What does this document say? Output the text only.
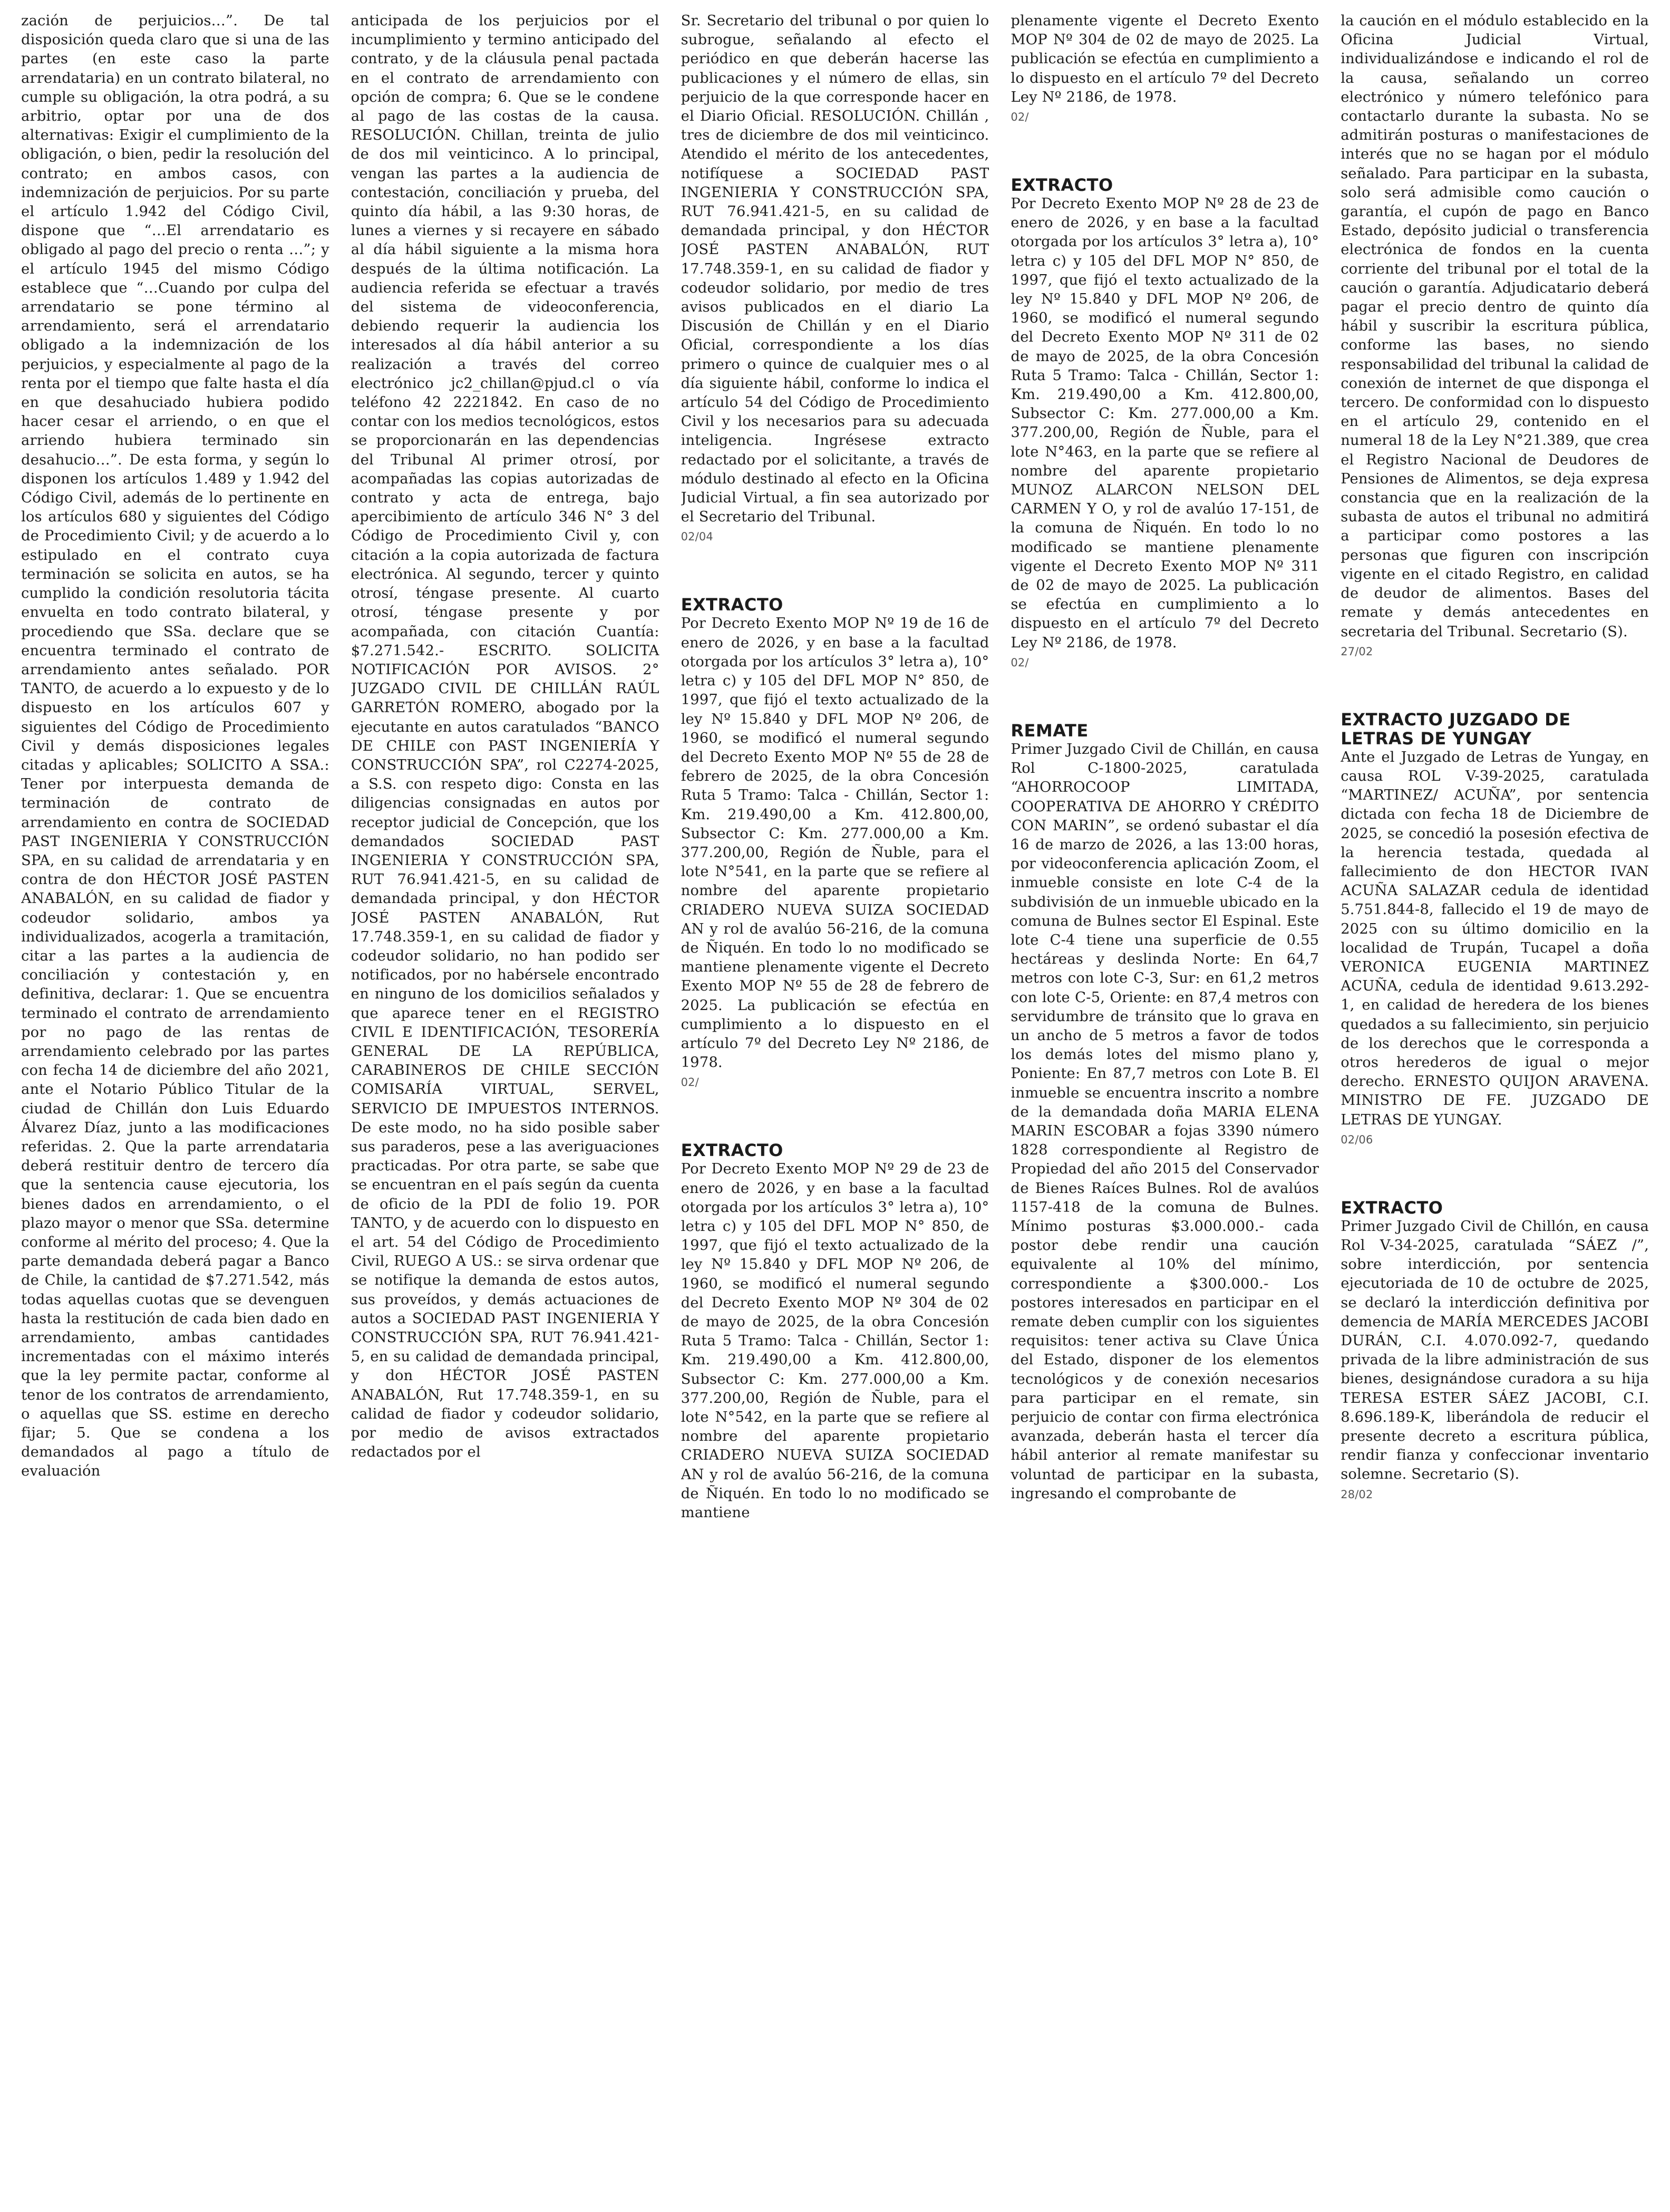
zación de perjuicios…”. De tal disposición queda claro que si una de las partes (en este caso la parte arrendataria) en un contrato bilateral, no cumple su obligación, la otra podrá, a su arbitrio, optar por una de dos alternativas: Exigir el cumplimiento de la obligación, o bien, pedir la resolución del contrato; en ambos casos, con indemnización de perjuicios. Por su parte el artículo 1.942 del Código Civil, dispone que “…El arrendatario es obligado al pago del precio o renta …”; y el artículo 1945 del mismo Código establece que “…Cuando por culpa del arrendatario se pone término al arrendamiento, será el arrendatario obligado a la indemnización de los perjuicios, y especialmente al pago de la renta por el tiempo que falte hasta el día en que desahuciado hubiera podido hacer cesar el arriendo, o en que el arriendo hubiera terminado sin desahucio…”. De esta forma, y según lo disponen los artículos 1.489 y 1.942 del Código Civil, además de lo pertinente en los artículos 680 y siguientes del Código de Procedimiento Civil; y de acuerdo a lo estipulado en el contrato cuya terminación se solicita en autos, se ha cumplido la condición resolutoria tácita envuelta en todo contrato bilateral, y procediendo que SSa. declare que se encuentra terminado el contrato de arrendamiento antes señalado. POR TANTO, de acuerdo a lo expuesto y de lo dispuesto en los artículos 607 y siguientes del Código de Procedimiento Civil y demás disposiciones legales citadas y aplicables; SOLICITO A SSA.: Tener por interpuesta demanda de terminación de contrato de arrendamiento en contra de SOCIEDAD PAST INGENIERIA Y CONSTRUCCIÓN SPA, en su calidad de arrendataria y en contra de don HÉCTOR JOSÉ PASTEN ANABALÓN, en su calidad de fiador y codeudor solidario, ambos ya individualizados, acogerla a tramitación, citar a las partes a la audiencia de conciliación y contestación y, en definitiva, declarar: 1. Que se encuentra terminado el contrato de arrendamiento por no pago de las rentas de arrendamiento celebrado por las partes con fecha 14 de diciembre del año 2021, ante el Notario Público Titular de la ciudad de Chillán don Luis Eduardo Álvarez Díaz, junto a las modificaciones referidas. 2. Que la parte arrendataria deberá restituir dentro de tercero día que la sentencia cause ejecutoria, los bienes dados en arrendamiento, o el plazo mayor o menor que SSa. determine conforme al mérito del proceso; 4. Que la parte demandada deberá pagar a Banco de Chile, la cantidad de $7.271.542, más todas aquellas cuotas que se devenguen hasta la restitución de cada bien dado en arrendamiento, ambas cantidades incrementadas con el máximo interés que la ley permite pactar, conforme al tenor de los contratos de arrendamiento, o aquellas que SS. estime en derecho fijar; 5. Que se condena a los demandados al pago a título de evaluación

anticipada de los perjuicios por el incumplimiento y termino anticipado del contrato, y de la cláusula penal pactada en el contrato de arrendamiento con opción de compra; 6. Que se le condene al pago de las costas de la causa. RESOLUCIÓN. Chillan, treinta de julio de dos mil veinticinco. A lo principal, vengan las partes a la audiencia de contestación, conciliación y prueba, del quinto día hábil, a las 9:30 horas, de lunes a viernes y si recayere en sábado al día hábil siguiente a la misma hora después de la última notificación. La audiencia referida se efectuar a través del sistema de videoconferencia, debiendo requerir la audiencia los interesados al día hábil anterior a su realización a través del correo electrónico jc2_chillan@pjud.cl o vía teléfono 42 2221842. En caso de no contar con los medios tecnológicos, estos se proporcionarán en las dependencias del Tribunal Al primer otrosí, por acompañadas las copias autorizadas de contrato y acta de entrega, bajo apercibimiento de artículo 346 N° 3 del Código de Procedimiento Civil y, con citación a la copia autorizada de factura electrónica. Al segundo, tercer y quinto otrosí, téngase presente. Al cuarto otrosí, téngase presente y por acompañada, con citación Cuantía: $7.271.542.- ESCRITO. SOLICITA NOTIFICACIÓN POR AVISOS. 2° JUZGADO CIVIL DE CHILLÁN RAÚL GARRETÓN ROMERO, abogado por la ejecutante en autos caratulados “BANCO DE CHILE con PAST INGENIERÍA Y CONSTRUCCIÓN SPA”, rol C2274-2025, a S.S. con respeto digo: Consta en las diligencias consignadas en autos por receptor judicial de Concepción, que los demandados SOCIEDAD PAST INGENIERIA Y CONSTRUCCIÓN SPA, RUT 76.941.421-5, en su calidad de demandada principal, y don HÉCTOR JOSÉ PASTEN ANABALÓN, Rut 17.748.359-1, en su calidad de fiador y codeudor solidario, no han podido ser notificados, por no habérsele encontrado en ninguno de los domicilios señalados y que aparece tener en el REGISTRO CIVIL E IDENTIFICACIÓN, TESORERÍA GENERAL DE LA REPÚBLICA, CARABINEROS DE CHILE SECCIÓN COMISARÍA VIRTUAL, SERVEL, SERVICIO DE IMPUESTOS INTERNOS. De este modo, no ha sido posible saber sus paraderos, pese a las averiguaciones practicadas. Por otra parte, se sabe que se encuentran en el país según da cuenta de oficio de la PDI de folio 19. POR TANTO, y de acuerdo con lo dispuesto en el art. 54 del Código de Procedimiento Civil, RUEGO A US.: se sirva ordenar que se notifique la demanda de estos autos, sus proveídos, y demás actuaciones de autos a SOCIEDAD PAST INGENIERIA Y CONSTRUCCIÓN SPA, RUT 76.941.421-5, en su calidad de demandada principal, y don HÉCTOR JOSÉ PASTEN ANABALÓN, Rut 17.748.359-1, en su calidad de fiador y codeudor solidario, por medio de avisos extractados redactados por el

Sr. Secretario del tribunal o por quien lo subrogue, señalando al efecto el periódico en que deberán hacerse las publicaciones y el número de ellas, sin perjuicio de la que corresponde hacer en el Diario Oficial. RESOLUCIÓN. Chillán , tres de diciembre de dos mil veinticinco. Atendido el mérito de los antecedentes, notifíquese a SOCIEDAD PAST INGENIERIA Y CONSTRUCCIÓN SPA, RUT 76.941.421-5, en su calidad de demandada principal, y don HÉCTOR JOSÉ PASTEN ANABALÓN, RUT 17.748.359-1, en su calidad de fiador y codeudor solidario, por medio de tres avisos publicados en el diario La Discusión de Chillán y en el Diario Oficial, correspondiente a los días primero o quince de cualquier mes o al día siguiente hábil, conforme lo indica el artículo 54 del Código de Procedimiento Civil y los necesarios para su adecuada inteligencia. Ingrésese extracto redactado por el solicitante, a través de módulo destinado al efecto en la Oficina Judicial Virtual, a fin sea autorizado por el Secretario del Tribunal.

02/04
EXTRACTO

Por Decreto Exento MOP Nº 19 de 16 de enero de 2026, y en base a la facultad otorgada por los artículos 3° letra a), 10° letra c) y 105 del DFL MOP N° 850, de 1997, que fijó el texto actualizado de la ley Nº 15.840 y DFL MOP Nº 206, de 1960, se modificó el numeral segundo del Decreto Exento MOP Nº 55 de 28 de febrero de 2025, de la obra Concesión Ruta 5 Tramo: Talca - Chillán, Sector 1: Km. 219.490,00 a Km. 412.800,00, Subsector C: Km. 277.000,00 a Km. 377.200,00, Región de Ñuble, para el lote N°541, en la parte que se refiere al nombre del aparente propietario CRIADERO NUEVA SUIZA SOCIEDAD AN y rol de avalúo 56-216, de la comuna de Ñiquén. En todo lo no modificado se mantiene plenamente vigente el Decreto Exento MOP Nº 55 de 28 de febrero de 2025. La publicación se efectúa en cumplimiento a lo dispuesto en el artículo 7º del Decreto Ley Nº 2186, de 1978.

02/
EXTRACTO

Por Decreto Exento MOP Nº 29 de 23 de enero de 2026, y en base a la facultad otorgada por los artículos 3° letra a), 10° letra c) y 105 del DFL MOP N° 850, de 1997, que fijó el texto actualizado de la ley Nº 15.840 y DFL MOP Nº 206, de 1960, se modificó el numeral segundo del Decreto Exento MOP Nº 304 de 02 de mayo de 2025, de la obra Concesión Ruta 5 Tramo: Talca - Chillán, Sector 1: Km. 219.490,00 a Km. 412.800,00, Subsector C: Km. 277.000,00 a Km. 377.200,00, Región de Ñuble, para el lote N°542, en la parte que se refiere al nombre del aparente propietario CRIADERO NUEVA SUIZA SOCIEDAD AN y rol de avalúo 56-216, de la comuna de Ñiquén. En todo lo no modificado se mantiene

plenamente vigente el Decreto Exento MOP Nº 304 de 02 de mayo de 2025. La publicación se efectúa en cumplimiento a lo dispuesto en el artículo 7º del Decreto Ley Nº 2186, de 1978.

02/
EXTRACTO

Por Decreto Exento MOP Nº 28 de 23 de enero de 2026, y en base a la facultad otorgada por los artículos 3° letra a), 10° letra c) y 105 del DFL MOP N° 850, de 1997, que fijó el texto actualizado de la ley Nº 15.840 y DFL MOP Nº 206, de 1960, se modificó el numeral segundo del Decreto Exento MOP Nº 311 de 02 de mayo de 2025, de la obra Concesión Ruta 5 Tramo: Talca - Chillán, Sector 1: Km. 219.490,00 a Km. 412.800,00, Subsector C: Km. 277.000,00 a Km. 377.200,00, Región de Ñuble, para el lote N°463, en la parte que se refiere al nombre del aparente propietario MUNOZ ALARCON NELSON DEL CARMEN Y O, y rol de avalúo 17-151, de la comuna de Ñiquén. En todo lo no modificado se mantiene plenamente vigente el Decreto Exento MOP Nº 311 de 02 de mayo de 2025. La publicación se efectúa en cumplimiento a lo dispuesto en el artículo 7º del Decreto Ley Nº 2186, de 1978.

02/
REMATE

Primer Juzgado Civil de Chillán, en causa Rol C-1800-2025, caratulada “AHORROCOOP LIMITADA, COOPERATIVA DE AHORRO Y CRÉDITO CON MARIN”, se ordenó subastar el día 16 de marzo de 2026, a las 13:00 horas, por videoconferencia aplicación Zoom, el inmueble consiste en lote C-4 de la subdivisión de un inmueble ubicado en la comuna de Bulnes sector El Espinal. Este lote C-4 tiene una superficie de 0.55 hectáreas y deslinda Norte: En 64,7 metros con lote C-3, Sur: en 61,2 metros con lote C-5, Oriente: en 87,4 metros con servidumbre de tránsito que lo grava en un ancho de 5 metros a favor de todos los demás lotes del mismo plano y, Poniente: En 87,7 metros con Lote B. El inmueble se encuentra inscrito a nombre de la demandada doña MARIA ELENA MARIN ESCOBAR a fojas 3390 número 1828 correspondiente al Registro de Propiedad del año 2015 del Conservador de Bienes Raíces Bulnes. Rol de avalúos 1157-418 de la comuna de Bulnes. Mínimo posturas $3.000.000.- cada postor debe rendir una caución equivalente al 10% del mínimo, correspondiente a $300.000.- Los postores interesados en participar en el remate deben cumplir con los siguientes requisitos: tener activa su Clave Única del Estado, disponer de los elementos tecnológicos y de conexión necesarios para participar en el remate, sin perjuicio de contar con firma electrónica avanzada, deberán hasta el tercer día hábil anterior al remate manifestar su voluntad de participar en la subasta, ingresando el comprobante de

la caución en el módulo establecido en la Oficina Judicial Virtual, individualizándose e indicando el rol de la causa, señalando un correo electrónico y número telefónico para contactarlo durante la subasta. No se admitirán posturas o manifestaciones de interés que no se hagan por el módulo señalado. Para participar en la subasta, solo será admisible como caución o garantía, el cupón de pago en Banco Estado, depósito judicial o transferencia electrónica de fondos en la cuenta corriente del tribunal por el total de la caución o garantía. Adjudicatario deberá pagar el precio dentro de quinto día hábil y suscribir la escritura pública, conforme las bases, no siendo responsabilidad del tribunal la calidad de conexión de internet de que disponga el tercero. De conformidad con lo dispuesto en el artículo 29, contenido en el numeral 18 de la Ley N°21.389, que crea el Registro Nacional de Deudores de Pensiones de Alimentos, se deja expresa constancia que en la realización de la subasta de autos el tribunal no admitirá a participar como postores a las personas que figuren con inscripción vigente en el citado Registro, en calidad de deudor de alimentos. Bases del remate y demás antecedentes en secretaria del Tribunal. Secretario (S).

27/02
EXTRACTO JUZGADO DE LETRAS DE YUNGAY

Ante el Juzgado de Letras de Yungay, en causa ROL V-39-2025, caratulada “MARTINEZ/ ACUÑA”, por sentencia dictada con fecha 18 de Diciembre de 2025, se concedió la posesión efectiva de la herencia testada, quedada al fallecimiento de don HECTOR IVAN ACUÑA SALAZAR cedula de identidad 5.751.844-8, fallecido el 19 de mayo de 2025 con su último domicilio en la localidad de Trupán, Tucapel a doña VERONICA EUGENIA MARTINEZ ACUÑA, cedula de identidad 9.613.292-1, en calidad de heredera de los bienes quedados a su fallecimiento, sin perjuicio de los derechos que le corresponda a otros herederos de igual o mejor derecho. ERNESTO QUIJON ARAVENA. MINISTRO DE FE. JUZGADO DE LETRAS DE YUNGAY.

02/06
EXTRACTO

Primer Juzgado Civil de Chillón, en causa Rol V-34-2025, caratulada “SÁEZ /”, sobre interdicción, por sentencia ejecutoriada de 10 de octubre de 2025, se declaró la interdicción definitiva por demencia de MARÍA MERCEDES JACOBI DURÁN, C.I. 4.070.092-7, quedando privada de la libre administración de sus bienes, designándose curadora a su hija TERESA ESTER SÁEZ JACOBI, C.I. 8.696.189-K, liberándola de reducir el presente decreto a escritura pública, rendir fianza y confeccionar inventario solemne. Secretario (S).

28/02
